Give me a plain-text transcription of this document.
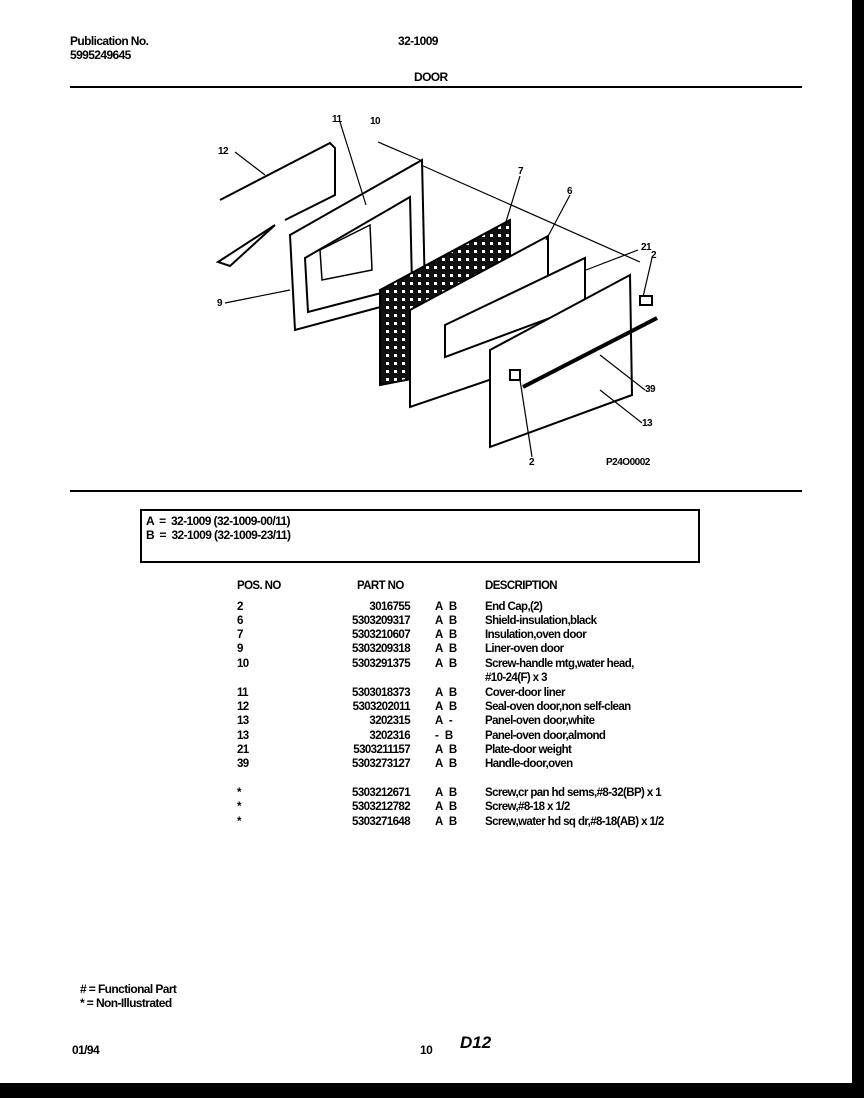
Publication No.
5995249645
32-1009
DOOR
12
11	10
7
6
21
2
9
39
13
2	P24O0002
A = 32-1009 (32-1009-00/11)
B = 32-1009 (32-1009-23/11)
POS. NO	PART NO	DESCRIPTION
2	3016755 A B End Cap,(2)
6	5303209317 A B Shield-insulation,black
7	5303210607 A B Insulation,oven door
9	5303209318 A B Liner-oven door
10	5303291375 A B Screw-handle mtg,water head,
#10-24(F) x 3
11	5303018373 A B Cover-door liner
12	5303202011 A B Seal-oven door,non self-clean
13	3202315 A -	Panel-oven door,white
13	3202316 - B	Panel-oven door,almond
21	5303211157 A B Plate-door weight
39	5303273127 A B Handle-door,oven
*	5303212671 A B Screw,cr pan hd sems,#8-32(BP) x 1
*	5303212782 A B Screw,#8-18 x 1/2
*	5303271648 A B Screw,water hd sq dr,#8-18(AB) x 1/2
# = Functional Part
* = Non-Illustrated
01/94	10 D12
